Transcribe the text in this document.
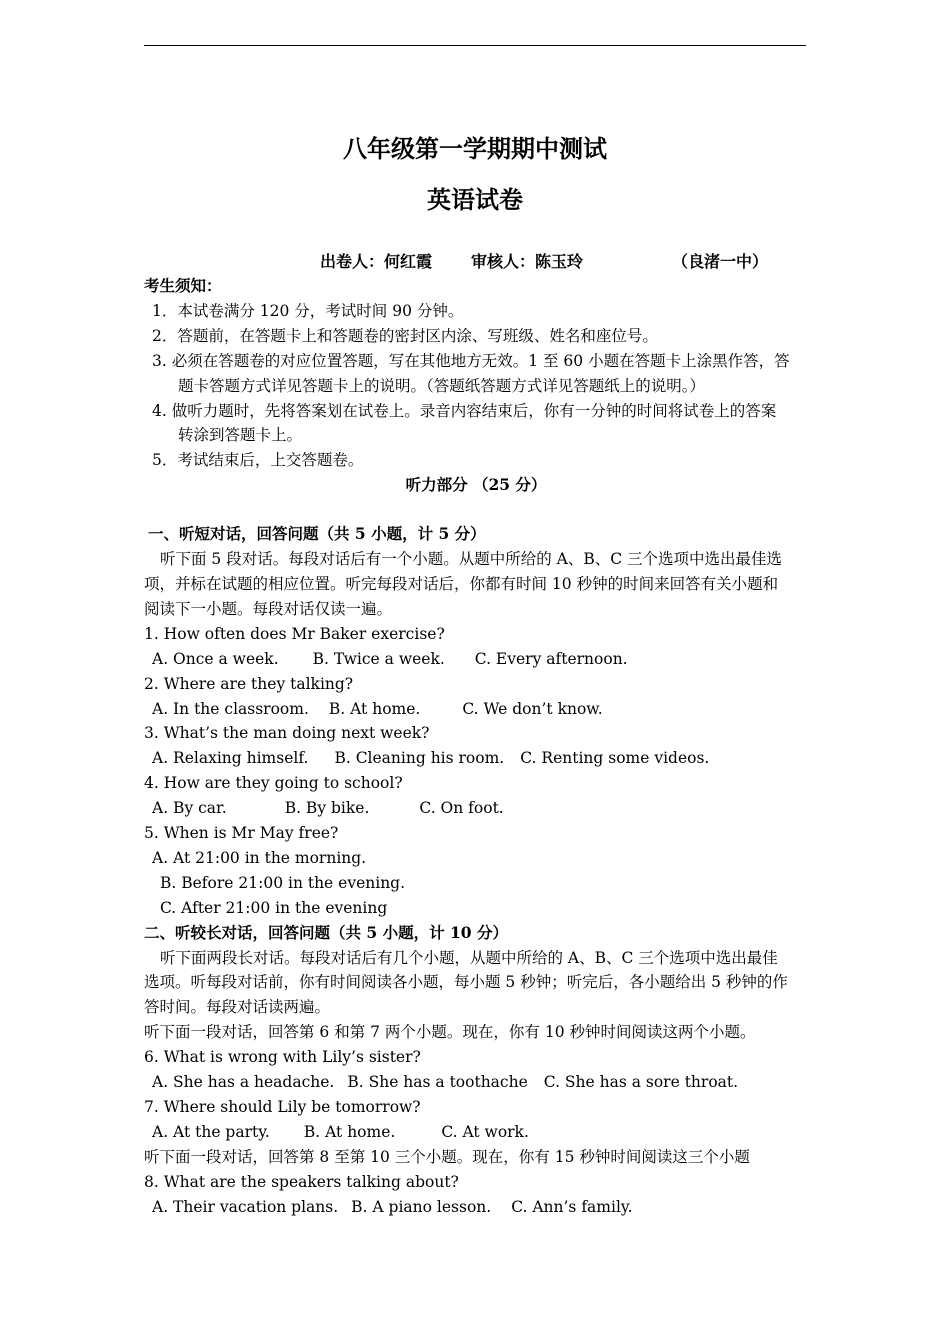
八年级第一学期期中测试
英语试卷
出卷人：何红霞 审核人：陈玉玲	（良渚一中）

考生须知：

1．本试卷满分 120 分，考试时间 90 分钟。

2．答题前，在答题卡上和答题卷的密封区内涂、写班级、姓名和座位号。

3. 必须在答题卷的对应位置答题，写在其他地方无效。1 至 60 小题在答题卡上涂黑作答，答

题卡答题方式详见答题卡上的说明。（答题纸答题方式详见答题纸上的说明。）

4. 做听力题时，先将答案划在试卷上。录音内容结束后，你有一分钟的时间将试卷上的答案

转涂到答题卡上。

5．考试结束后，上交答题卷。

听力部分 （25 分）

一、听短对话，回答问题（共 5 小题，计 5 分）

听下面 5 段对话。每段对话后有一个小题。从题中所给的 A、B、C 三个选项中选出最佳选

项，并标在试题的相应位置。听完每段对话后，你都有时间 10 秒钟的时间来回答有关小题和

阅读下一小题。每段对话仅读一遍。

1. How often does Mr Baker exercise?

A. Once a week. B. Twice a week. C. Every afternoon.

2. Where are they talking?

A. In the classroom. B. At home.	C. We don’t know.

3. What’s the man doing next week?

A. Relaxing himself. B. Cleaning his room. C. Renting some videos.

4. How are they going to school?

A. By car.	B. By bike.	C. On foot.

5. When is Mr May free?

A. At 21:00 in the morning.

B. Before 21:00 in the evening.

C. After 21:00 in the evening

二、听较长对话，回答问题（共 5 小题，计 10 分）

听下面两段长对话。每段对话后有几个小题，从题中所给的 A、B、C 三个选项中选出最佳

选项。听每段对话前，你有时间阅读各小题，每小题 5 秒钟；听完后，各小题给出 5 秒钟的作

答时间。每段对话读两遍。

听下面一段对话，回答第 6 和第 7 两个小题。现在，你有 10 秒钟时间阅读这两个小题。

6. What is wrong with Lily’s sister?

A. She has a headache. B. She has a toothache C. She has a sore throat.

7. Where should Lily be tomorrow?

A. At the party. B. At home.	C. At work.

听下面一段对话，回答第 8 至第 10 三个小题。现在，你有 15 秒钟时间阅读这三个小题

8. What are the speakers talking about?

A. Their vacation plans. B. A piano lesson. C. Ann’s family.
